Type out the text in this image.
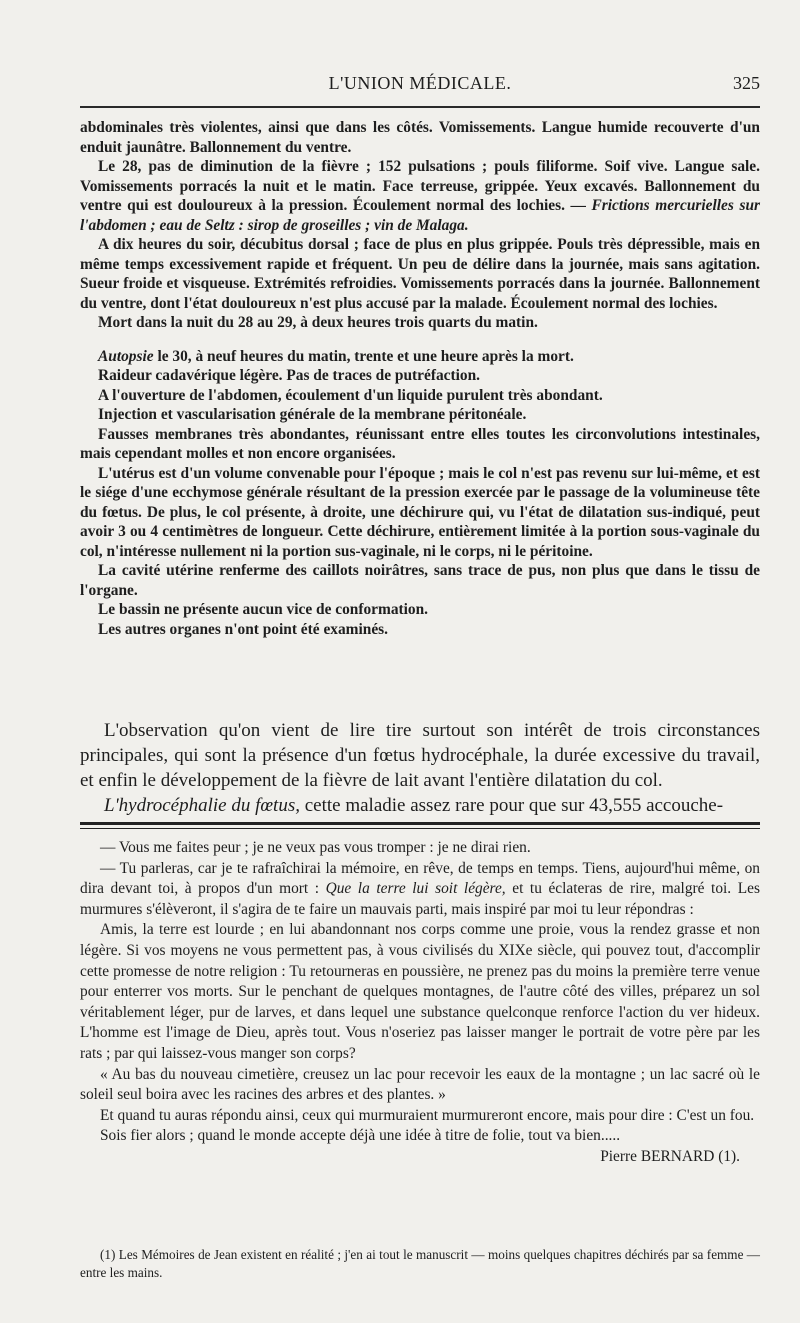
L'UNION MÉDICALE.	325

abdominales très violentes, ainsi que dans les côtés. Vomissements. Langue humide recouverte d'un enduit jaunâtre. Ballonnement du ventre.

Le 28, pas de diminution de la fièvre ; 152 pulsations ; pouls filiforme. Soif vive. Langue sale. Vomissements porracés la nuit et le matin. Face terreuse, grippée. Yeux excavés. Ballonnement du ventre qui est douloureux à la pression. Écoulement normal des lochies. — Frictions mercurielles sur l'abdomen ; eau de Seltz : sirop de groseilles ; vin de Malaga.

A dix heures du soir, décubitus dorsal ; face de plus en plus grippée. Pouls très dépressible, mais en même temps excessivement rapide et fréquent. Un peu de délire dans la journée, mais sans agitation. Sueur froide et visqueuse. Extrémités refroidies. Vomissements porracés dans la journée. Ballonnement du ventre, dont l'état douloureux n'est plus accusé par la malade. Écoulement normal des lochies.

Mort dans la nuit du 28 au 29, à deux heures trois quarts du matin.

Autopsie le 30, à neuf heures du matin, trente et une heure après la mort.

Raideur cadavérique légère. Pas de traces de putréfaction.

A l'ouverture de l'abdomen, écoulement d'un liquide purulent très abondant.

Injection et vascularisation générale de la membrane péritonéale.

Fausses membranes très abondantes, réunissant entre elles toutes les circonvolutions intestinales, mais cependant molles et non encore organisées.

L'utérus est d'un volume convenable pour l'époque ; mais le col n'est pas revenu sur lui-même, et est le siége d'une ecchymose générale résultant de la pression exercée par le passage de la volumineuse tête du fœtus. De plus, le col présente, à droite, une déchirure qui, vu l'état de dilatation sus-indiqué, peut avoir 3 ou 4 centimètres de longueur. Cette déchirure, entièrement limitée à la portion sous-vaginale du col, n'intéresse nullement ni la portion sus-vaginale, ni le corps, ni le péritoine.

La cavité utérine renferme des caillots noirâtres, sans trace de pus, non plus que dans le tissu de l'organe.

Le bassin ne présente aucun vice de conformation.

Les autres organes n'ont point été examinés.

L'observation qu'on vient de lire tire surtout son intérêt de trois circonstances principales, qui sont la présence d'un fœtus hydrocéphale, la durée excessive du travail, et enfin le développement de la fièvre de lait avant l'entière dilatation du col.

L'hydrocéphalie du fœtus, cette maladie assez rare pour que sur 43,555 accouche-

— Vous me faites peur ; je ne veux pas vous tromper : je ne dirai rien.

— Tu parleras, car je te rafraîchirai la mémoire, en rêve, de temps en temps. Tiens, aujourd'hui même, on dira devant toi, à propos d'un mort : Que la terre lui soit légère, et tu éclateras de rire, malgré toi. Les murmures s'élèveront, il s'agira de te faire un mauvais parti, mais inspiré par moi tu leur répondras :

Amis, la terre est lourde ; en lui abandonnant nos corps comme une proie, vous la rendez grasse et non légère. Si vos moyens ne vous permettent pas, à vous civilisés du XIXe siècle, qui pouvez tout, d'accomplir cette promesse de notre religion : Tu retourneras en poussière, ne prenez pas du moins la première terre venue pour enterrer vos morts. Sur le penchant de quelques montagnes, de l'autre côté des villes, préparez un sol véritablement léger, pur de larves, et dans lequel une substance quelconque renforce l'action du ver hideux. L'homme est l'image de Dieu, après tout. Vous n'oseriez pas laisser manger le portrait de votre père par les rats ; par qui laissez-vous manger son corps?

« Au bas du nouveau cimetière, creusez un lac pour recevoir les eaux de la montagne ; un lac sacré où le soleil seul boira avec les racines des arbres et des plantes. »

Et quand tu auras répondu ainsi, ceux qui murmuraient murmureront encore, mais pour dire : C'est un fou.

Sois fier alors ; quand le monde accepte déjà une idée à titre de folie, tout va bien.....

Pierre BERNARD (1).

(1) Les Mémoires de Jean existent en réalité ; j'en ai tout le manuscrit — moins quelques chapitres déchirés par sa femme — entre les mains.
